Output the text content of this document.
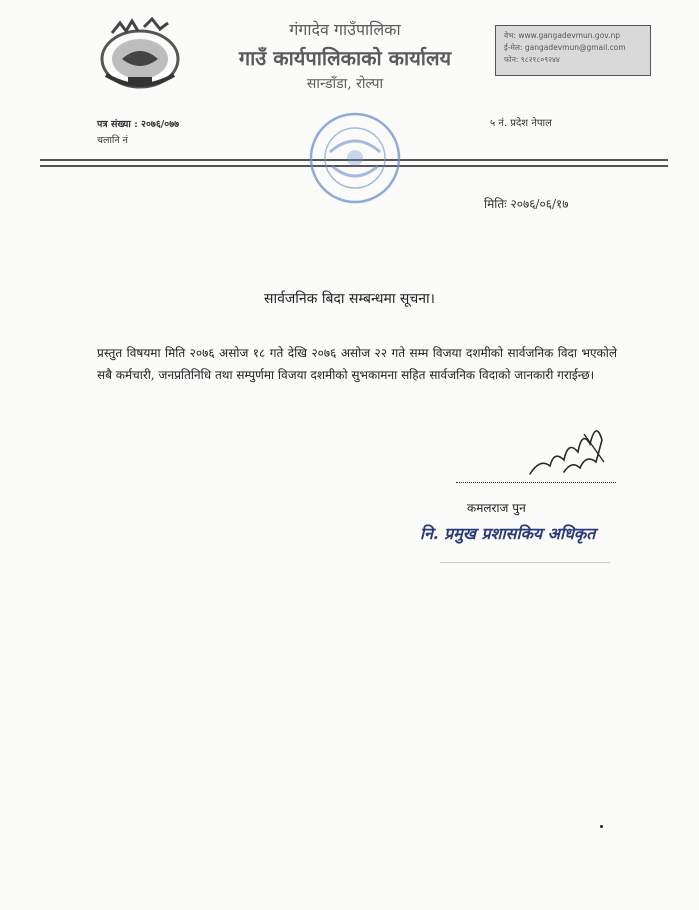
गंगादेव गाउँपालिका
गाउँ कार्यपालिकाको कार्यालय
सान्डाँडा, रोल्पा
वेभ: www.gangadevmun.gov.np
ई-मेल: gangadevmun@gmail.com
फोन: ९८२१८०९२४४
पत्र संख्या : २०७६/०७७
चलानि नं
५ नं. प्रदेश नेपाल
मितिः २०७६/०६/१७
सार्वजनिक बिदा सम्बन्धमा सूचना।
प्रस्तुत विषयमा मिति २०७६ असोज १८ गते देखि २०७६ असोज २२ गते सम्म विजया दशमीको सार्वजनिक विदा भएकोले सबै कर्मचारी, जनप्रतिनिधि तथा सम्पुर्णमा विजया दशमीको सुभकामना सहित सार्वजनिक विदाको जानकारी गराईन्छ।
कमलराज पुन
नि. प्रमुख प्रशासकिय अधिकृत
